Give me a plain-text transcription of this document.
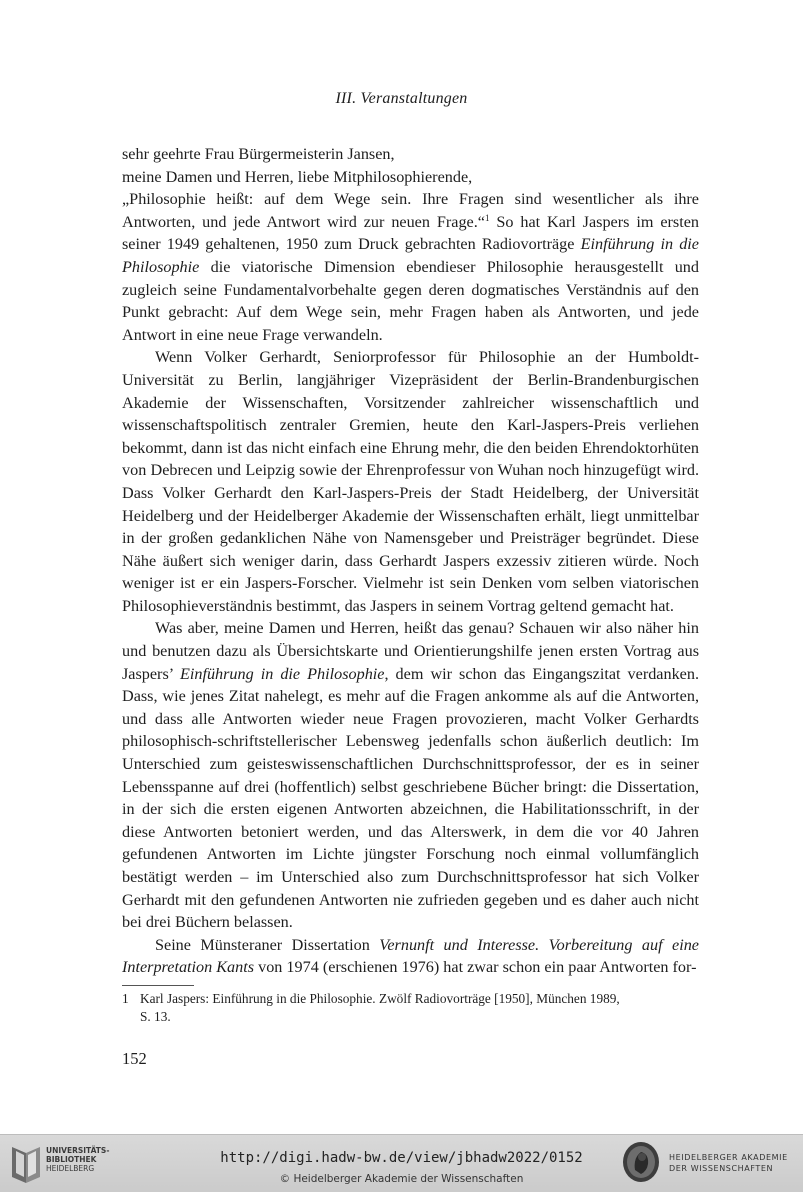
III. Veranstaltungen

sehr geehrte Frau Bürgermeisterin Jansen,
meine Damen und Herren, liebe Mitphilosophierende,
„Philosophie heißt: auf dem Wege sein. Ihre Fragen sind wesentlicher als ihre Antworten, und jede Antwort wird zur neuen Frage.“$^1$ So hat Karl Jaspers im ersten seiner 1949 gehaltenen, 1950 zum Druck gebrachten Radiovorträge Einführung in die Philosophie die viatorische Dimension ebendieser Philosophie herausgestellt und zugleich seine Fundamentalvorbehalte gegen deren dogmatisches Verständnis auf den Punkt gebracht: Auf dem Wege sein, mehr Fragen haben als Antworten, und jede Antwort in eine neue Frage verwandeln.

Wenn Volker Gerhardt, Seniorprofessor für Philosophie an der Humboldt-Universität zu Berlin, langjähriger Vizepräsident der Berlin-Brandenburgischen Akademie der Wissenschaften, Vorsitzender zahlreicher wissenschaftlich und wissenschaftspolitisch zentraler Gremien, heute den Karl-Jaspers-Preis verliehen bekommt, dann ist das nicht einfach eine Ehrung mehr, die den beiden Ehrendoktorhüten von Debrecen und Leipzig sowie der Ehrenprofessur von Wuhan noch hinzugefügt wird. Dass Volker Gerhardt den Karl-Jaspers-Preis der Stadt Heidelberg, der Universität Heidelberg und der Heidelberger Akademie der Wissenschaften erhält, liegt unmittelbar in der großen gedanklichen Nähe von Namensgeber und Preisträger begründet. Diese Nähe äußert sich weniger darin, dass Gerhardt Jaspers exzessiv zitieren würde. Noch weniger ist er ein Jaspers-Forscher. Vielmehr ist sein Denken vom selben viatorischen Philosophieverständnis bestimmt, das Jaspers in seinem Vortrag geltend gemacht hat.

Was aber, meine Damen und Herren, heißt das genau? Schauen wir also näher hin und benutzen dazu als Übersichtskarte und Orientierungshilfe jenen ersten Vortrag aus Jaspers’ Einführung in die Philosophie, dem wir schon das Eingangszitat verdanken. Dass, wie jenes Zitat nahelegt, es mehr auf die Fragen ankomme als auf die Antworten, und dass alle Antworten wieder neue Fragen provozieren, macht Volker Gerhardts philosophisch-schriftstellerischer Lebensweg jedenfalls schon äußerlich deutlich: Im Unterschied zum geisteswissenschaftlichen Durchschnittsprofessor, der es in seiner Lebensspanne auf drei (hoffentlich) selbst geschriebene Bücher bringt: die Dissertation, in der sich die ersten eigenen Antworten abzeichnen, die Habilitationsschrift, in der diese Antworten betoniert werden, und das Alterswerk, in dem die vor 40 Jahren gefundenen Antworten im Lichte jüngster Forschung noch einmal vollumfänglich bestätigt werden – im Unterschied also zum Durchschnittsprofessor hat sich Volker Gerhardt mit den gefundenen Antworten nie zufrieden gegeben und es daher auch nicht bei drei Büchern belassen.

Seine Münsteraner Dissertation Vernunft und Interesse. Vorbereitung auf eine Interpretation Kants von 1974 (erschienen 1976) hat zwar schon ein paar Antworten for-

1 Karl Jaspers: Einführung in die Philosophie. Zwölf Radiovorträge [1950], München 1989,
S. 13.
152
UNIVERSITÄTS-
BIBLIOTHEK
HEIDELBERG
http://digi.hadw-bw.de/view/jbhadw2022/0152
© Heidelberger Akademie der Wissenschaften
HEIDELBERGER AKADEMIE
DER WISSENSCHAFTEN
